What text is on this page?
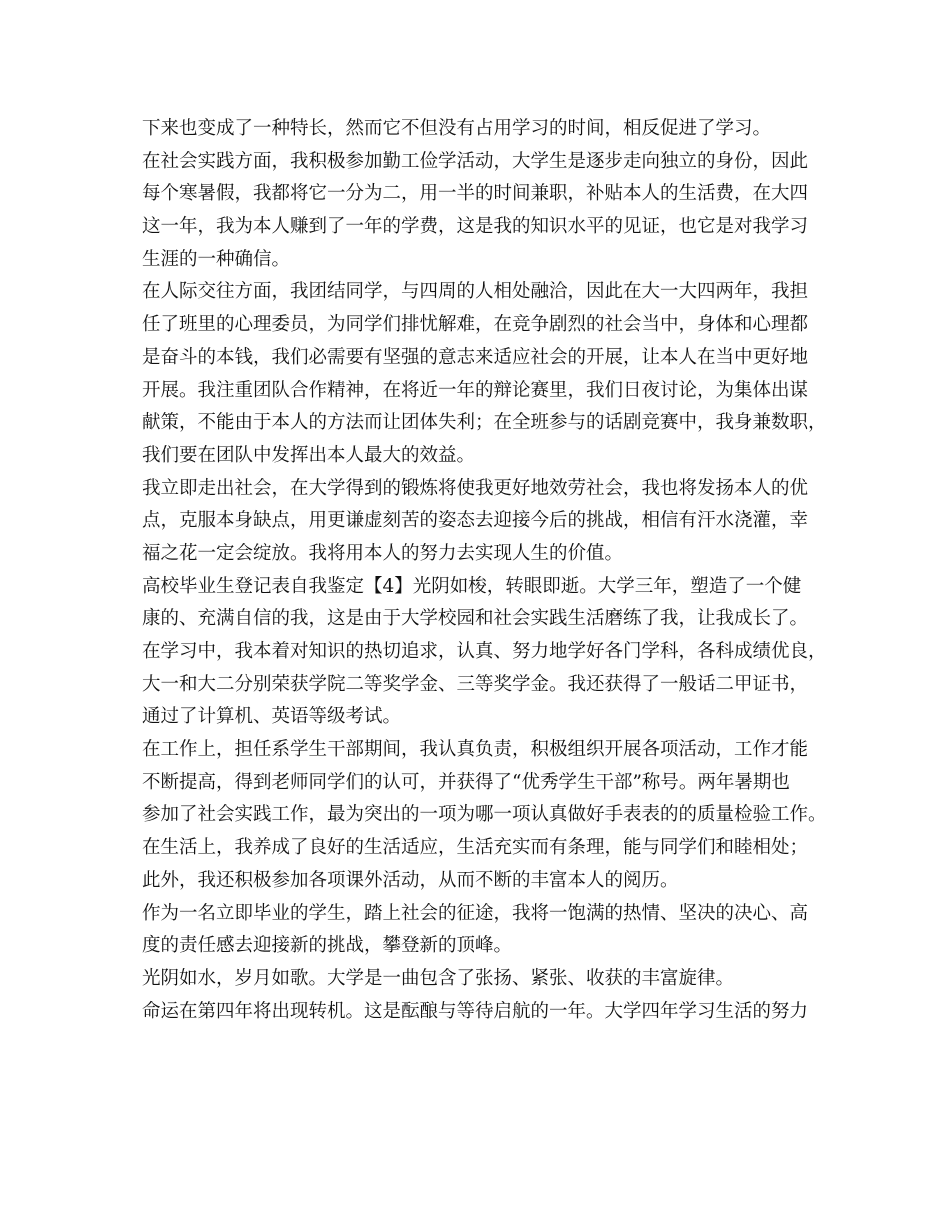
下来也变成了一种特长，然而它不但没有占用学习的时间，相反促进了学习。
在社会实践方面，我积极参加勤工俭学活动，大学生是逐步走向独立的身份，因此
每个寒暑假，我都将它一分为二，用一半的时间兼职，补贴本人的生活费，在大四
这一年，我为本人赚到了一年的学费，这是我的知识水平的见证，也它是对我学习
生涯的一种确信。
在人际交往方面，我团结同学，与四周的人相处融洽，因此在大一大四两年，我担
任了班里的心理委员，为同学们排忧解难，在竞争剧烈的社会当中，身体和心理都
是奋斗的本钱，我们必需要有坚强的意志来适应社会的开展，让本人在当中更好地
开展。我注重团队合作精神，在将近一年的辩论赛里，我们日夜讨论，为集体出谋
献策，不能由于本人的方法而让团体失利；在全班参与的话剧竞赛中，我身兼数职，
我们要在团队中发挥出本人最大的效益。
我立即走出社会，在大学得到的锻炼将使我更好地效劳社会，我也将发扬本人的优
点，克服本身缺点，用更谦虚刻苦的姿态去迎接今后的挑战，相信有汗水浇灌，幸
福之花一定会绽放。我将用本人的努力去实现人生的价值。
高校毕业生登记表自我鉴定【4】光阴如梭，转眼即逝。大学三年，塑造了一个健
康的、充满自信的我，这是由于大学校园和社会实践生活磨练了我，让我成长了。
在学习中，我本着对知识的热切追求，认真、努力地学好各门学科，各科成绩优良，
大一和大二分别荣获学院二等奖学金、三等奖学金。我还获得了一般话二甲证书，
通过了计算机、英语等级考试。
在工作上，担任系学生干部期间，我认真负责，积极组织开展各项活动，工作才能
不断提高，得到老师同学们的认可，并获得了“优秀学生干部”称号。两年暑期也
参加了社会实践工作，最为突出的一项为哪一项认真做好手表表的的质量检验工作。
在生活上，我养成了良好的生活适应，生活充实而有条理，能与同学们和睦相处；
此外，我还积极参加各项课外活动，从而不断的丰富本人的阅历。
作为一名立即毕业的学生，踏上社会的征途，我将一饱满的热情、坚决的决心、高
度的责任感去迎接新的挑战，攀登新的顶峰。
光阴如水，岁月如歌。大学是一曲包含了张扬、紧张、收获的丰富旋律。
命运在第四年将出现转机。这是酝酿与等待启航的一年。大学四年学习生活的努力
